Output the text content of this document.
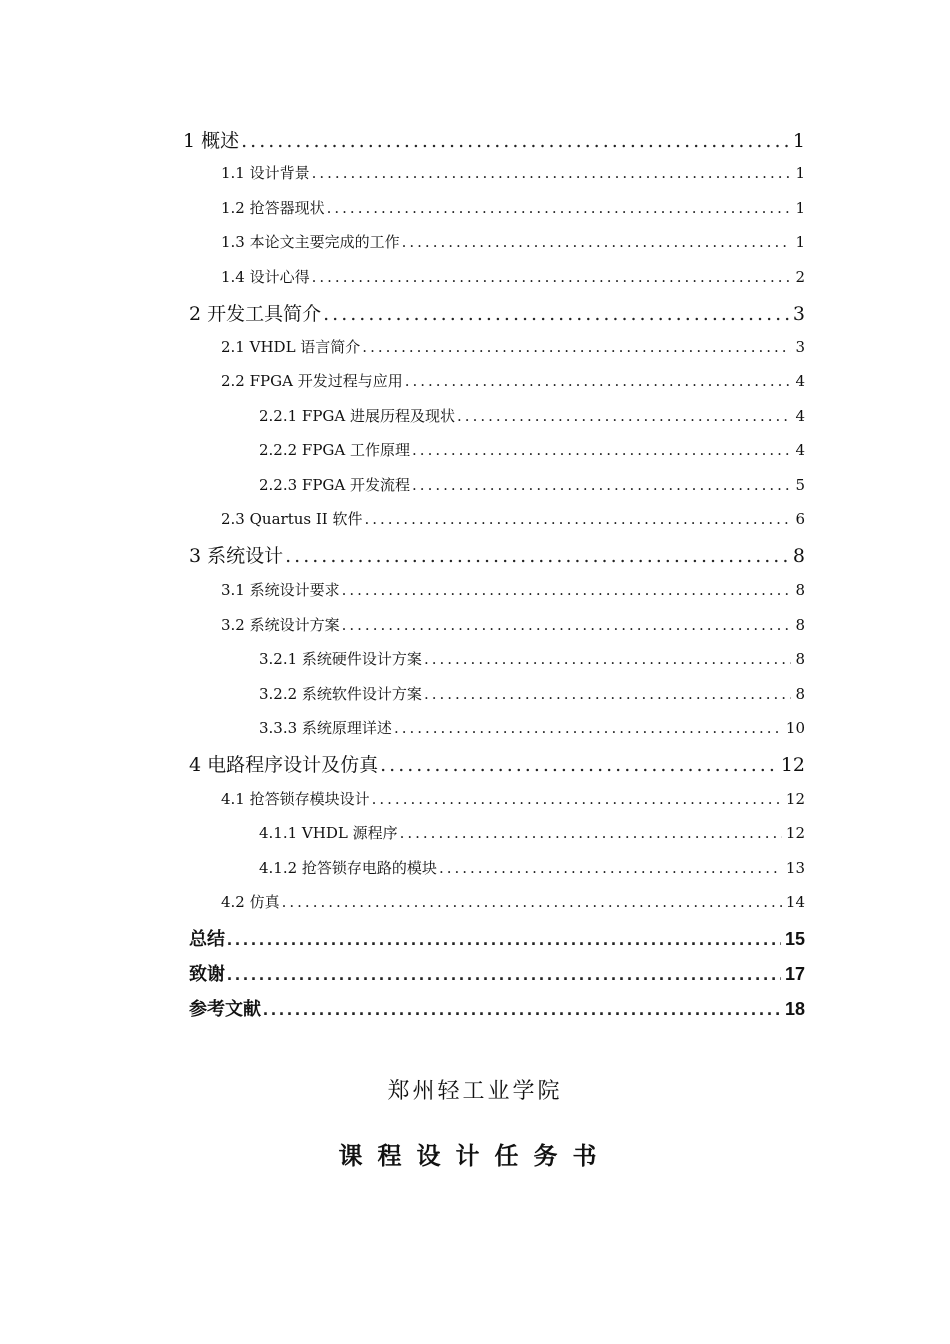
1 概述 .....	1
1.1 设计背景 .....	1
1.2 抢答器现状 .....	1
1.3 本论文主要完成的工作 .....	1
1.4 设计心得 .....	2
2 开发工具简介 .....	3
2.1 VHDL 语言简介 .....	3
2.2 FPGA 开发过程与应用 .....	4
2.2.1 FPGA 进展历程及现状 .....	4
2.2.2 FPGA 工作原理 .....	4
2.2.3 FPGA 开发流程 .....	5
2.3 Quartus II 软件 .....	6
3 系统设计 .....	8
3.1 系统设计要求 .....	8
3.2 系统设计方案 .....	8
3.2.1 系统硬件设计方案 .....	8
3.2.2 系统软件设计方案 .....	8
3.3.3 系统原理详述 .....	10
4 电路程序设计及仿真 .....	12
4.1 抢答锁存模块设计 .....	12
4.1.1 VHDL 源程序 .....	12
4.1.2 抢答锁存电路的模块 .....	13
4.2 仿真 .....	14
总结 .....	15
致谢 .....	17
参考文献 .....	18
郑州轻工业学院
课程设计任务书
